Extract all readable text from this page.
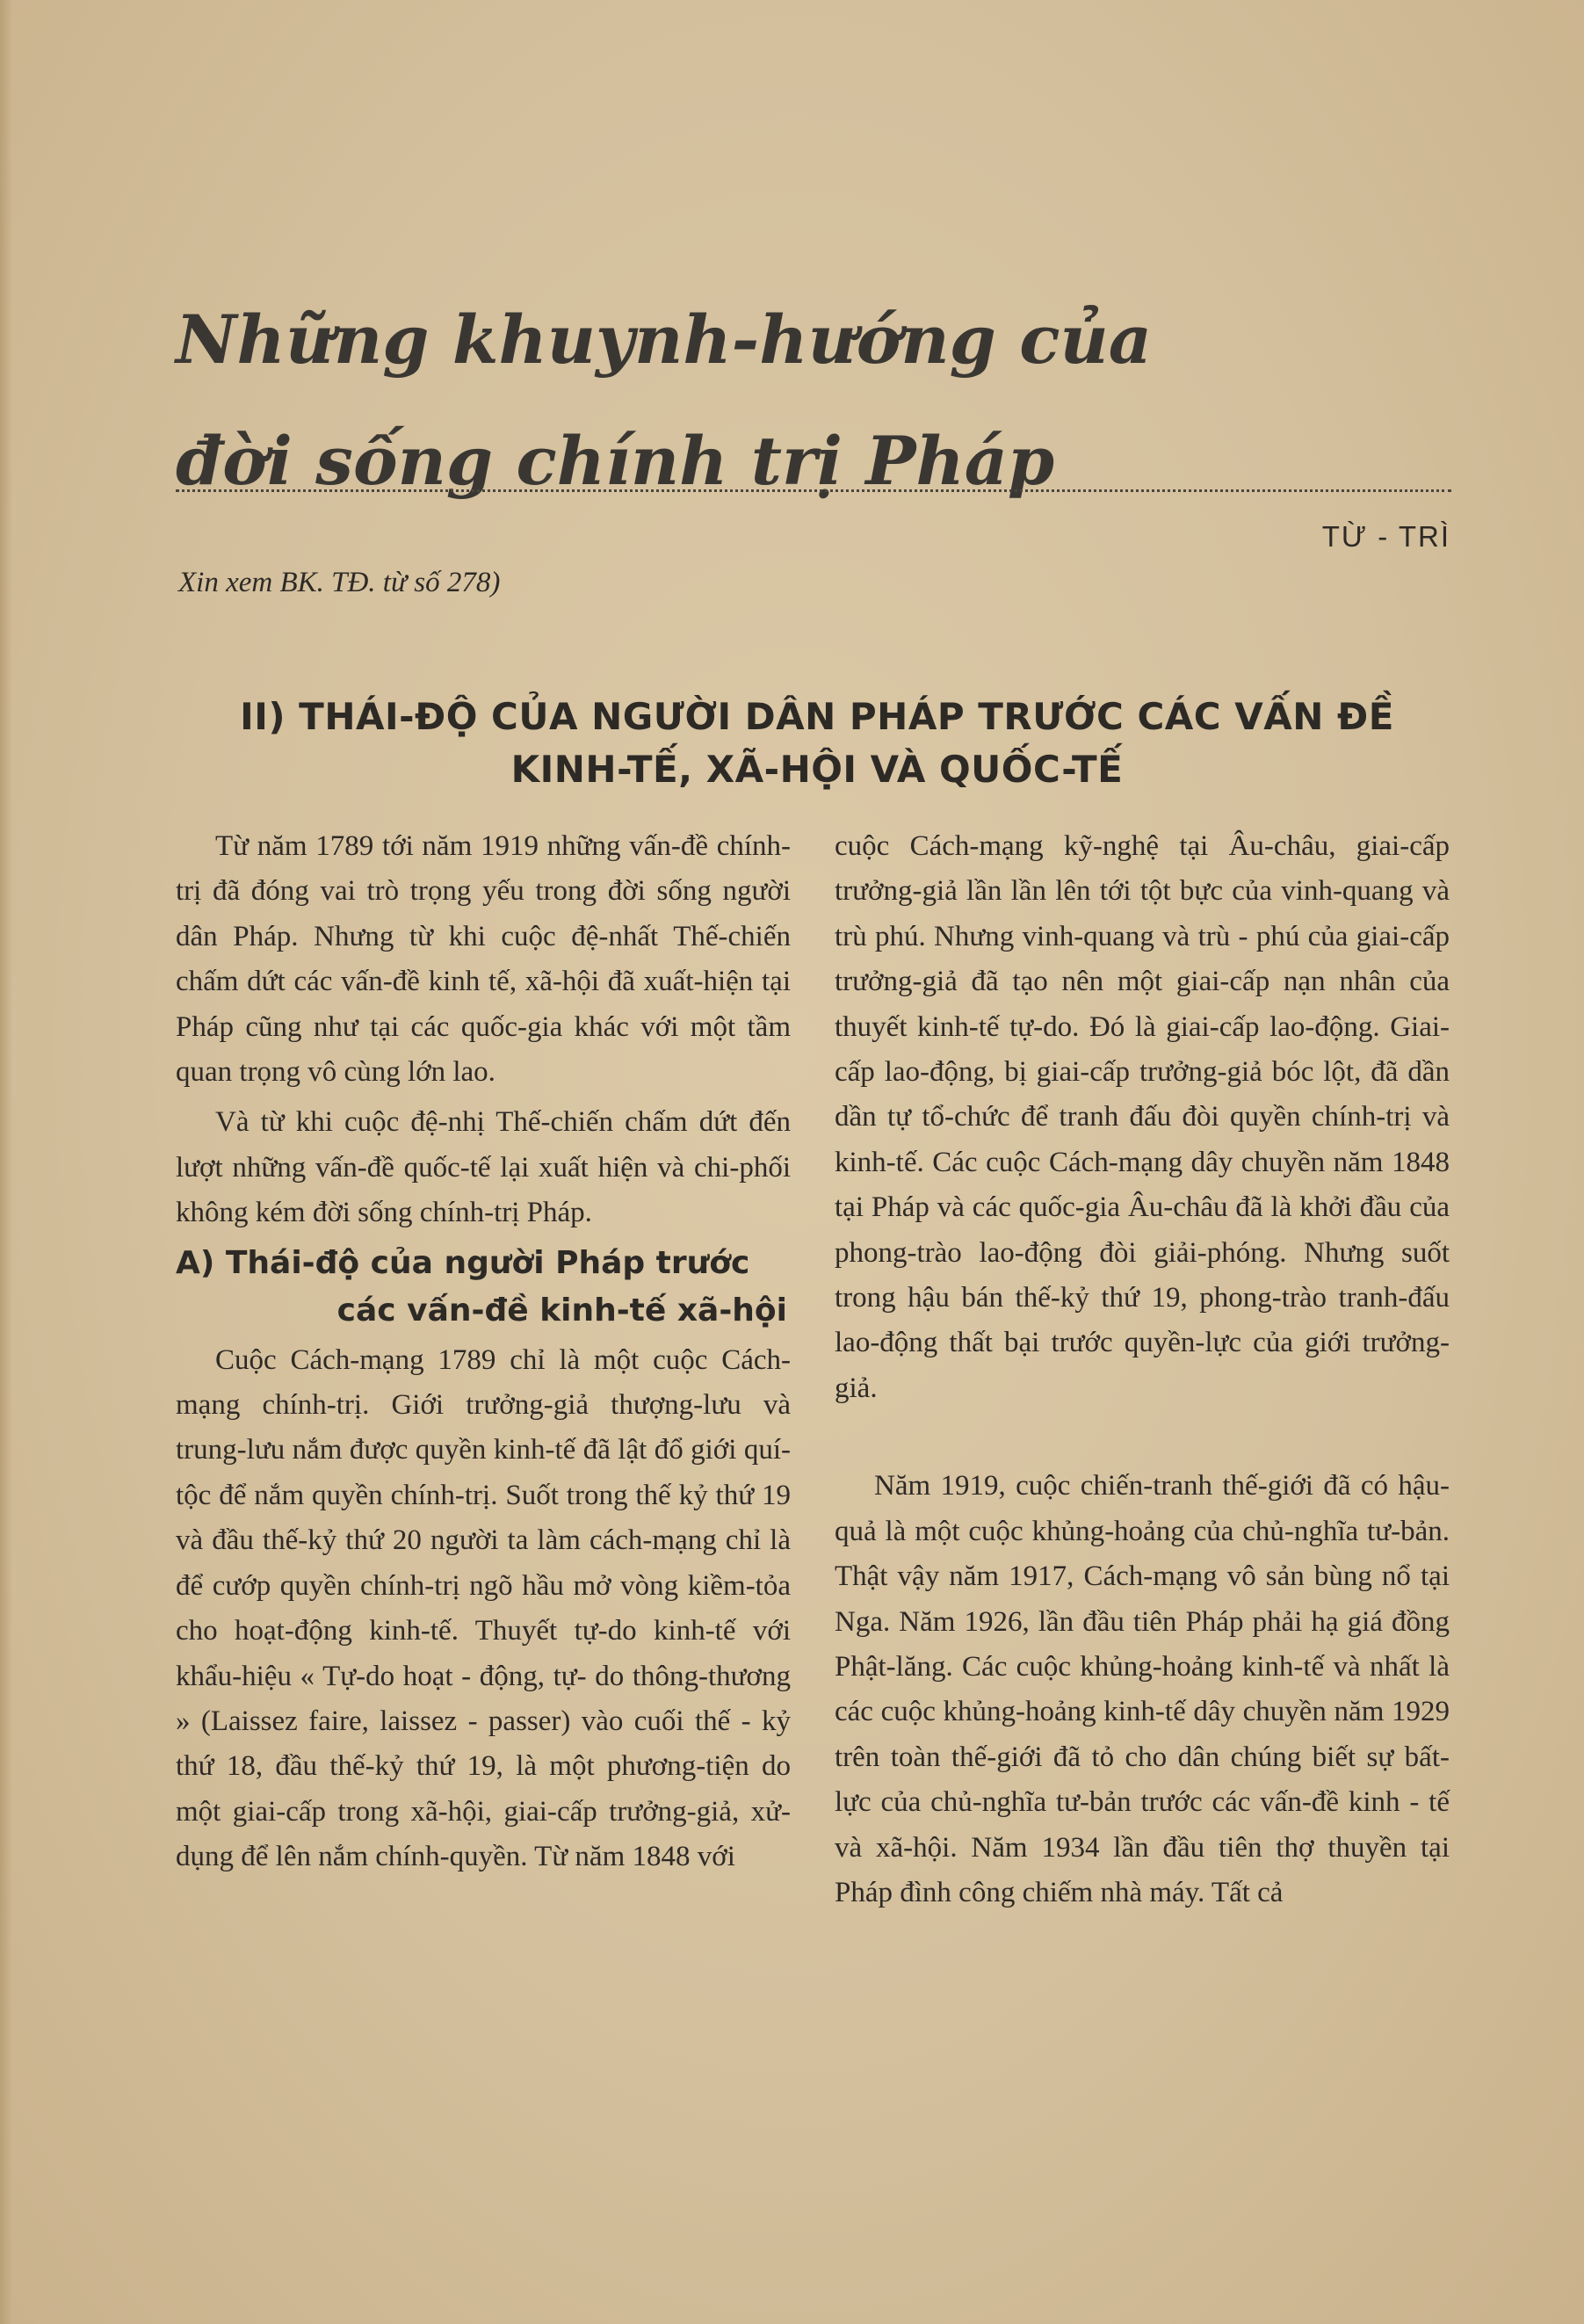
Những khuynh-hướng của
đời sống chính trị Pháp
TỪ - TRÌ
Xin xem BK. TĐ. từ số 278)
II) THÁI-ĐỘ CỦA NGƯỜI DÂN PHÁP TRƯỚC CÁC VẤN ĐỀ
KINH-TẾ, XÃ-HỘI VÀ QUỐC-TẾ

Từ năm 1789 tới năm 1919 những vấn-đề chính-trị đã đóng vai trò trọng yếu trong đời sống người dân Pháp. Nhưng từ khi cuộc đệ-nhất Thế-chiến chấm dứt các vấn-đề kinh tế, xã-hội đã xuất-hiện tại Pháp cũng như tại các quốc-gia khác với một tầm quan trọng vô cùng lớn lao.

Và từ khi cuộc đệ-nhị Thế-chiến chấm dứt đến lượt những vấn-đề quốc-tế lại xuất hiện và chi-phối không kém đời sống chính-trị Pháp.

A) Thái-độ của người Pháp trước
các vấn-đề kinh-tế xã-hội

Cuộc Cách-mạng 1789 chỉ là một cuộc Cách-mạng chính-trị. Giới trưởng-giả thượng-lưu và trung-lưu nắm được quyền kinh-tế đã lật đổ giới quí-tộc để nắm quyền chính-trị. Suốt trong thế kỷ thứ 19 và đầu thế-kỷ thứ 20 người ta làm cách-mạng chỉ là để cướp quyền chính-trị ngõ hầu mở vòng kiềm-tỏa cho hoạt-động kinh-tế. Thuyết tự-do kinh-tế với khẩu-hiệu « Tự-do hoạt - động, tự- do thông-thương » (Laissez faire, laissez - passer) vào cuối thế - kỷ thứ 18, đầu thế-kỷ thứ 19, là một phương-tiện do một giai-cấp trong xã-hội, giai-cấp trưởng-giả, xử-dụng để lên nắm chính-quyền. Từ năm 1848 với

cuộc Cách-mạng kỹ-nghệ tại Âu-châu, giai-cấp trưởng-giả lần lần lên tới tột bực của vinh-quang và trù phú. Nhưng vinh-quang và trù - phú của giai-cấp trưởng-giả đã tạo nên một giai-cấp nạn nhân của thuyết kinh-tế tự-do. Đó là giai-cấp lao-động. Giai-cấp lao-động, bị giai-cấp trưởng-giả bóc lột, đã dần dần tự tổ-chức để tranh đấu đòi quyền chính-trị và kinh-tế. Các cuộc Cách-mạng dây chuyền năm 1848 tại Pháp và các quốc-gia Âu-châu đã là khởi đầu của phong-trào lao-động đòi giải-phóng. Nhưng suốt trong hậu bán thế-kỷ thứ 19, phong-trào tranh-đấu lao-động thất bại trước quyền-lực của giới trưởng-giả.

Năm 1919, cuộc chiến-tranh thế-giới đã có hậu-quả là một cuộc khủng-hoảng của chủ-nghĩa tư-bản. Thật vậy năm 1917, Cách-mạng vô sản bùng nổ tại Nga. Năm 1926, lần đầu tiên Pháp phải hạ giá đồng Phật-lăng. Các cuộc khủng-hoảng kinh-tế và nhất là các cuộc khủng-hoảng kinh-tế dây chuyền năm 1929 trên toàn thế-giới đã tỏ cho dân chúng biết sự bất-lực của chủ-nghĩa tư-bản trước các vấn-đề kinh - tế và xã-hội. Năm 1934 lần đầu tiên thợ thuyền tại Pháp đình công chiếm nhà máy. Tất cả
